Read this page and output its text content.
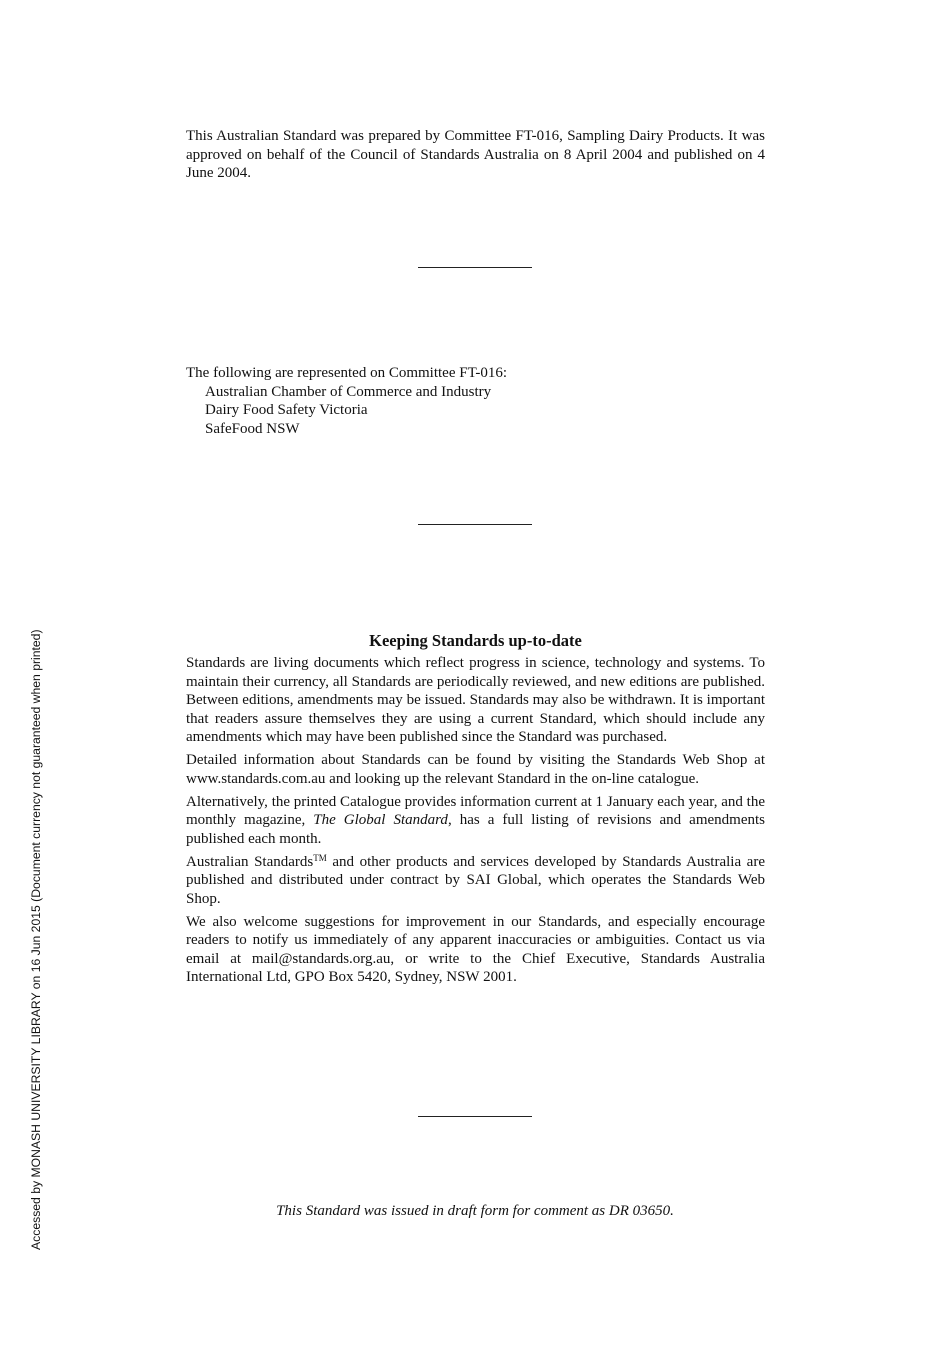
This Australian Standard was prepared by Committee FT-016, Sampling Dairy Products. It was approved on behalf of the Council of Standards Australia on 8 April 2004 and published on 4 June 2004.
The following are represented on Committee FT-016:
Australian Chamber of Commerce and Industry
Dairy Food Safety Victoria
SafeFood NSW
Keeping Standards up-to-date

Standards are living documents which reflect progress in science, technology and systems. To maintain their currency, all Standards are periodically reviewed, and new editions are published. Between editions, amendments may be issued. Standards may also be withdrawn. It is important that readers assure themselves they are using a current Standard, which should include any amendments which may have been published since the Standard was purchased.

Detailed information about Standards can be found by visiting the Standards Web Shop at www.standards.com.au and looking up the relevant Standard in the on-line catalogue.

Alternatively, the printed Catalogue provides information current at 1 January each year, and the monthly magazine, The Global Standard, has a full listing of revisions and amendments published each month.

Australian Standards™ and other products and services developed by Standards Australia are published and distributed under contract by SAI Global, which operates the Standards Web Shop.

We also welcome suggestions for improvement in our Standards, and especially encourage readers to notify us immediately of any apparent inaccuracies or ambiguities. Contact us via email at mail@standards.org.au, or write to the Chief Executive, Standards Australia International Ltd, GPO Box 5420, Sydney, NSW 2001.

This Standard was issued in draft form for comment as DR 03650.
Accessed by MONASH UNIVERSITY LIBRARY on 16 Jun 2015 (Document currency not guaranteed when printed)
